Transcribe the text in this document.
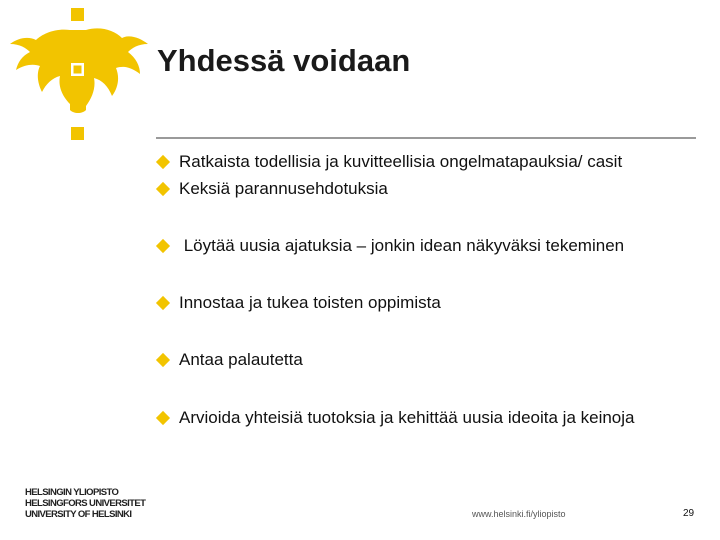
Yhdessä voidaan
Ratkaista todellisia ja kuvitteellisia ongelmatapauksia/ casit
Keksiä parannusehdotuksia
Löytää uusia ajatuksia – jonkin idean näkyväksi tekeminen
Innostaa ja tukea toisten oppimista
Antaa palautetta
Arvioida yhteisiä tuotoksia ja kehittää uusia ideoita ja keinoja
HELSINGIN YLIOPISTO
HELSINGFORS UNIVERSITET
UNIVERSITY OF HELSINKI	www.helsinki.fi/yliopisto	29
